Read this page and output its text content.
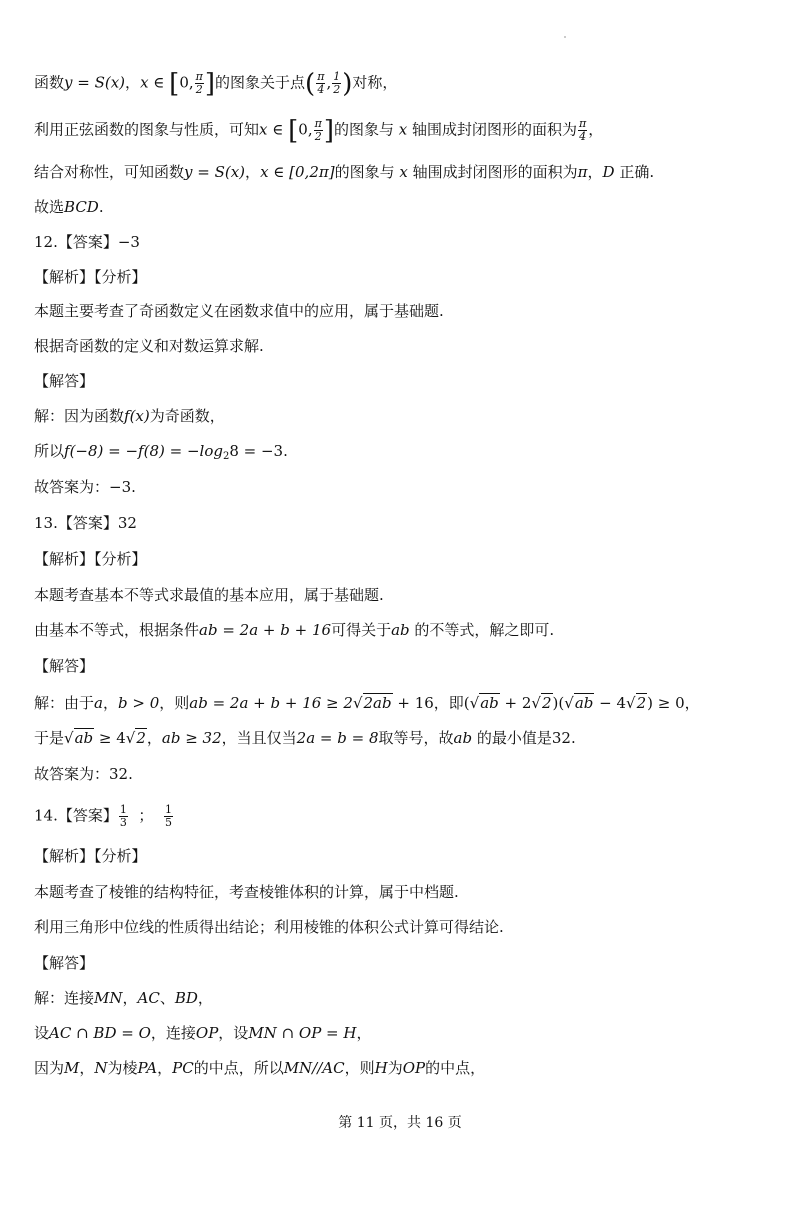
函数y = S(x)，x ∈ [0, $\frac{\pi}{2}$ ]的图象关于点( $\frac{\pi}{4}$ , $\frac{1}{2}$ )对称，
利用正弦函数的图象与性质，可知x ∈ [0, $\frac{\pi}{2}$ ]的图象与 x 轴围成封闭图形的面积为 $\frac{\pi}{4}$ ，
结合对称性，可知函数y = S(x)，x ∈ [0,2π]的图象与 x 轴围成封闭图形的面积为π，D 正确.
故选BCD.
12.【答案】−3
【解析】【分析】
本题主要考查了奇函数定义在函数求值中的应用，属于基础题.
根据奇函数的定义和对数运算求解.
【解答】
解：因为函数f(x)为奇函数，
所以$f(-8) = -f(8) = -\log_28 = -3$.
故答案为：−3.
13.【答案】32
【解析】【分析】
本题考查基本不等式求最值的基本应用，属于基础题.
由基本不等式，根据条件ab = 2a + b + 16可得关于ab 的不等式，解之即可.
【解答】
解：由于a，b > 0，则ab = 2a + b + 16 ≥ 2√2ab + 16，即(√ab + 2√2)(√ab − 4√2) ≥ 0，
于是√ab ≥ 4√2，ab ≥ 32，当且仅当2a = b = 8取等号，故ab 的最小值是32.
故答案为：32.
14.【答案】 $\frac{1}{3}$ ； $\frac{1}{5}$
【解析】【分析】
本题考查了棱锥的结构特征，考查棱锥体积的计算，属于中档题.
利用三角形中位线的性质得出结论；利用棱锥的体积公式计算可得结论.
【解答】
解：连接MN，AC、BD，
设AC ∩ BD = O，连接OP，设MN ∩ OP = H，
因为M，N为棱PA，PC的中点，所以MN//AC，则H为OP的中点，
第 11 页，共 16 页
